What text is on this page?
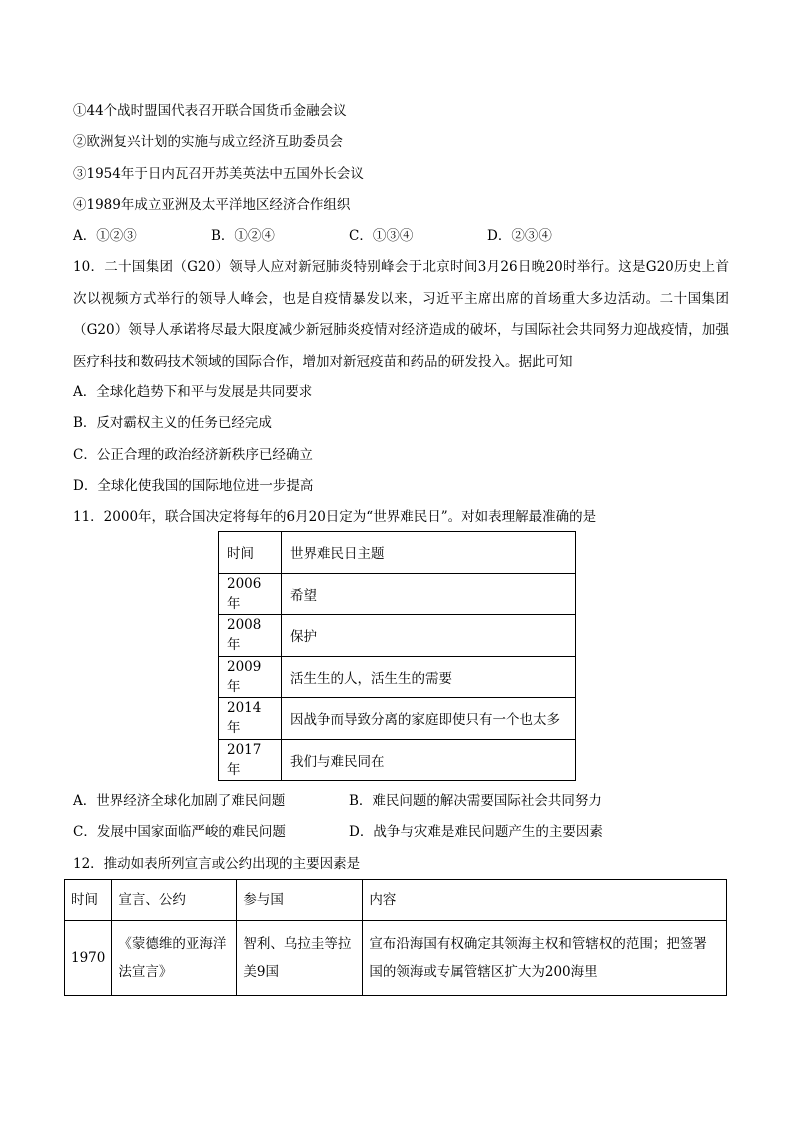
①44个战时盟国代表召开联合国货币金融会议
②欧洲复兴计划的实施与成立经济互助委员会
③1954年于日内瓦召开苏美英法中五国外长会议
④1989年成立亚洲及太平洋地区经济合作组织
A．①②③	B．①②④	C．①③④	D．②③④
10．二十国集团（G20）领导人应对新冠肺炎特别峰会于北京时间3月26日晚20时举行。这是G20历史上首次以视频方式举行的领导人峰会，也是自疫情暴发以来，习近平主席出席的首场重大多边活动。二十国集团（G20）领导人承诺将尽最大限度减少新冠肺炎疫情对经济造成的破坏，与国际社会共同努力迎战疫情，加强医疗科技和数码技术领域的国际合作，增加对新冠疫苗和药品的研发投入。据此可知
A．全球化趋势下和平与发展是共同要求
B．反对霸权主义的任务已经完成
C．公正合理的政治经济新秩序已经确立
D．全球化使我国的国际地位进一步提高
11．2000年，联合国决定将每年的6月20日定为“世界难民日”。对如表理解最准确的是
时间	世界难民日主题
2006年	希望
2008年	保护
2009年	活生生的人，活生生的需要
2014年	因战争而导致分离的家庭即使只有一个也太多
2017年	我们与难民同在
A．世界经济全球化加剧了难民问题	B．难民问题的解决需要国际社会共同努力
C．发展中国家面临严峻的难民问题	D．战争与灾难是难民问题产生的主要因素
12．推动如表所列宣言或公约出现的主要因素是
时间	宣言、公约	参与国	内容
1970	《蒙德维的亚海洋法宣言》	智利、乌拉圭等拉美9国	宣布沿海国有权确定其领海主权和管辖权的范围；把签署国的领海或专属管辖区扩大为200海里
